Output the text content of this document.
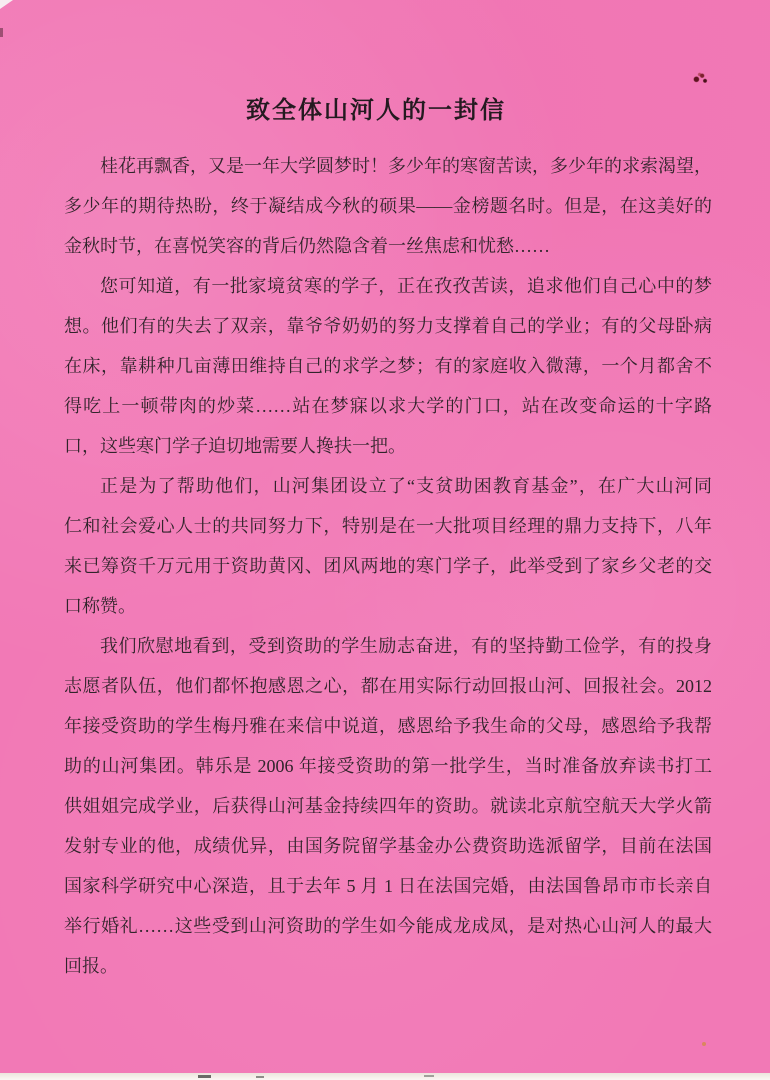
致全体山河人的一封信
桂花再飘香，又是一年大学圆梦时！多少年的寒窗苦读，多少年的求索渴望，
多少年的期待热盼，终于凝结成今秋的硕果——金榜题名时。但是，在这美好的
金秋时节，在喜悦笑容的背后仍然隐含着一丝焦虑和忧愁……
您可知道，有一批家境贫寒的学子，正在孜孜苦读，追求他们自己心中的梦
想。他们有的失去了双亲，靠爷爷奶奶的努力支撑着自己的学业；有的父母卧病
在床，靠耕种几亩薄田维持自己的求学之梦；有的家庭收入微薄，一个月都舍不
得吃上一顿带肉的炒菜……站在梦寐以求大学的门口，站在改变命运的十字路
口，这些寒门学子迫切地需要人搀扶一把。
正是为了帮助他们，山河集团设立了“支贫助困教育基金”，在广大山河同
仁和社会爱心人士的共同努力下，特别是在一大批项目经理的鼎力支持下，八年
来已筹资千万元用于资助黄冈、团风两地的寒门学子，此举受到了家乡父老的交
口称赞。
我们欣慰地看到，受到资助的学生励志奋进，有的坚持勤工俭学，有的投身
志愿者队伍，他们都怀抱感恩之心，都在用实际行动回报山河、回报社会。2012
年接受资助的学生梅丹雅在来信中说道，感恩给予我生命的父母，感恩给予我帮
助的山河集团。韩乐是 2006 年接受资助的第一批学生，当时准备放弃读书打工
供姐姐完成学业，后获得山河基金持续四年的资助。就读北京航空航天大学火箭
发射专业的他，成绩优异，由国务院留学基金办公费资助选派留学，目前在法国
国家科学研究中心深造，且于去年 5 月 1 日在法国完婚，由法国鲁昂市市长亲自
举行婚礼……这些受到山河资助的学生如今能成龙成凤，是对热心山河人的最大
回报。
